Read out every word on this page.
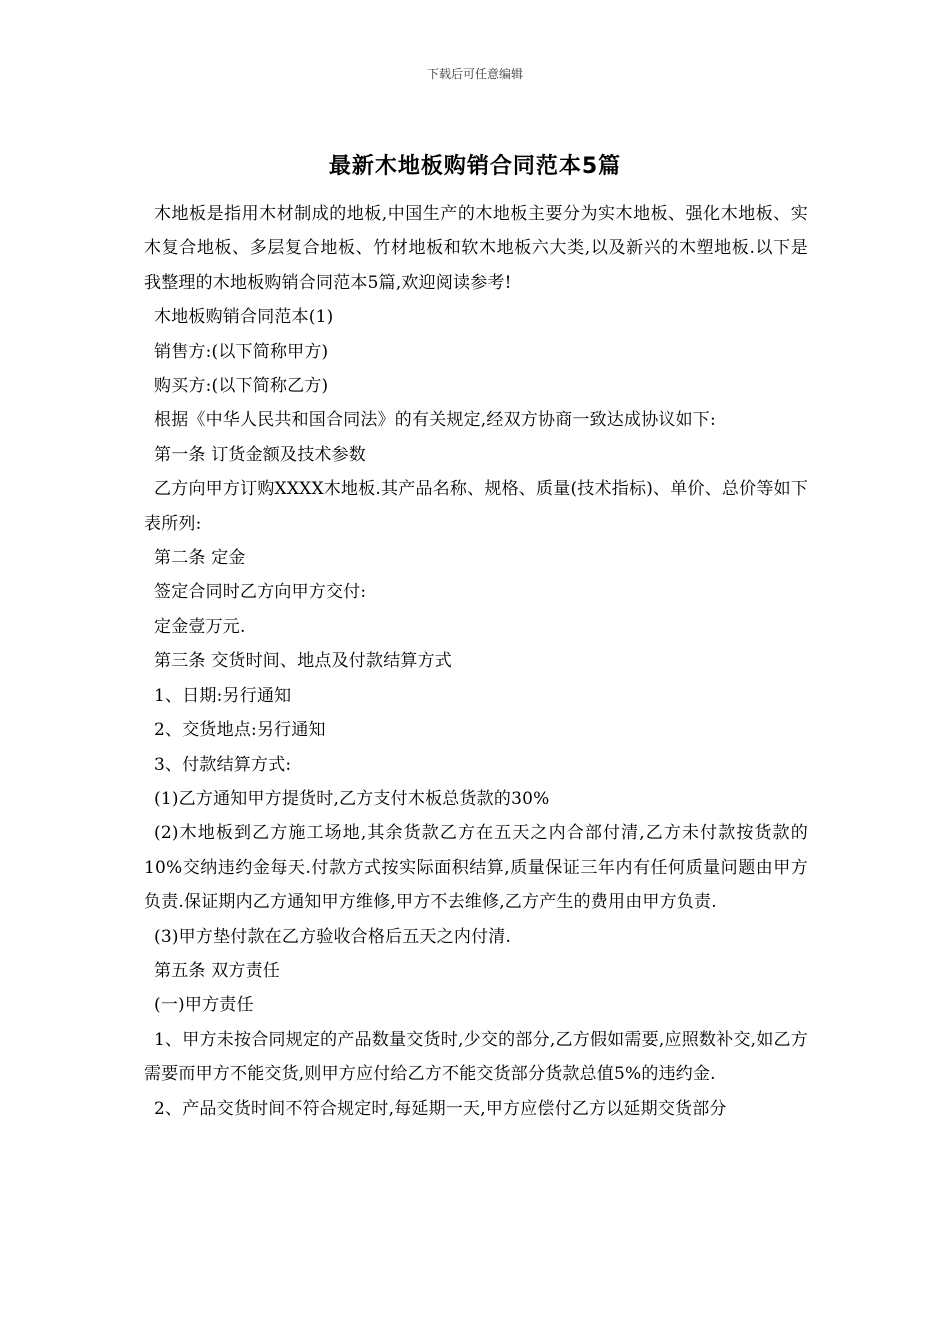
下载后可任意编辑
最新木地板购销合同范本5篇

木地板是指用木材制成的地板,中国生产的木地板主要分为实木地板、强化木地板、实木复合地板、多层复合地板、竹材地板和软木地板六大类,以及新兴的木塑地板.以下是我整理的木地板购销合同范本5篇,欢迎阅读参考!

木地板购销合同范本(1)

销售方:(以下简称甲方)

购买方:(以下简称乙方)

根据《中华人民共和国合同法》的有关规定,经双方协商一致达成协议如下:

第一条 订货金额及技术参数

乙方向甲方订购XXXX木地板.其产品名称、规格、质量(技术指标)、单价、总价等如下表所列:

第二条 定金

签定合同时乙方向甲方交付:

定金壹万元.

第三条 交货时间、地点及付款结算方式

1、日期:另行通知

2、交货地点:另行通知

3、付款结算方式:

(1)乙方通知甲方提货时,乙方支付木板总货款的30%

(2)木地板到乙方施工场地,其余货款乙方在五天之内合部付清,乙方未付款按货款的10%交纳违约金每天.付款方式按实际面积结算,质量保证三年内有任何质量问题由甲方负责.保证期内乙方通知甲方维修,甲方不去维修,乙方产生的费用由甲方负责.

(3)甲方垫付款在乙方验收合格后五天之内付清.

第五条 双方责任

(一)甲方责任

1、甲方未按合同规定的产品数量交货时,少交的部分,乙方假如需要,应照数补交,如乙方需要而甲方不能交货,则甲方应付给乙方不能交货部分货款总值5%的违约金.

2、产品交货时间不符合规定时,每延期一天,甲方应偿付乙方以延期交货部分
